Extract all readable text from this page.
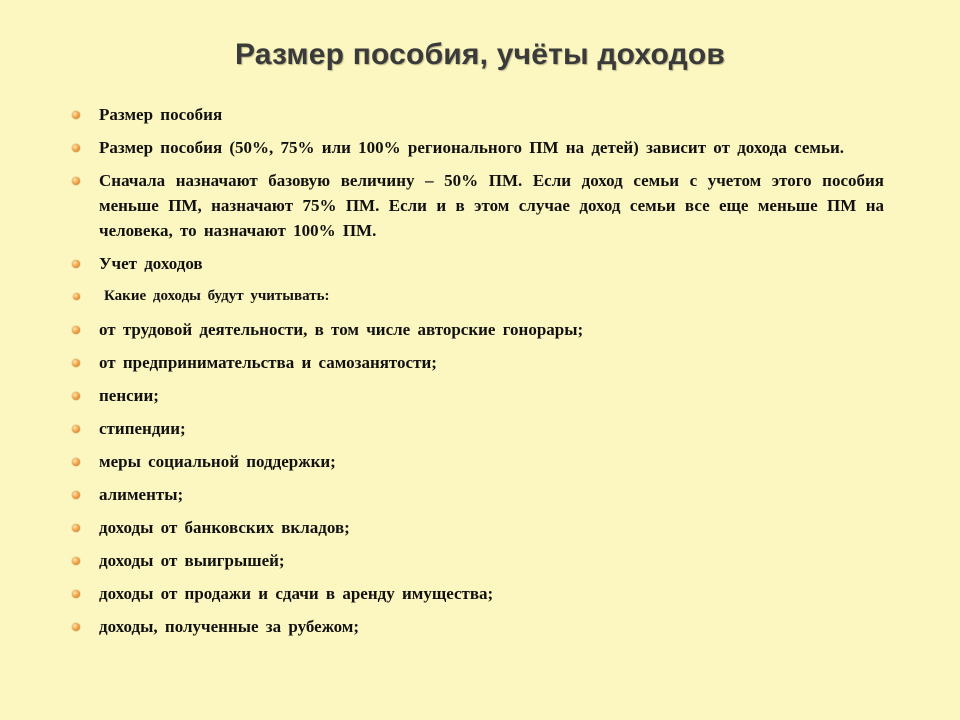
Размер пособия, учёты доходов
Размер пособия
Размер пособия (50%, 75% или 100% регионального ПМ на детей) зависит от дохода семьи.
Сначала назначают базовую величину – 50% ПМ. Если доход семьи с учетом этого пособия меньше ПМ, назначают 75% ПМ. Если и в этом случае доход семьи все еще меньше ПМ на человека, то назначают 100% ПМ.
Учет доходов
Какие доходы будут учитывать:
от трудовой деятельности, в том числе авторские гонорары;
от предпринимательства и самозанятости;
пенсии;
стипендии;
меры социальной поддержки;
алименты;
доходы от банковских вкладов;
доходы от выигрышей;
доходы от продажи и сдачи в аренду имущества;
доходы, полученные за рубежом;
